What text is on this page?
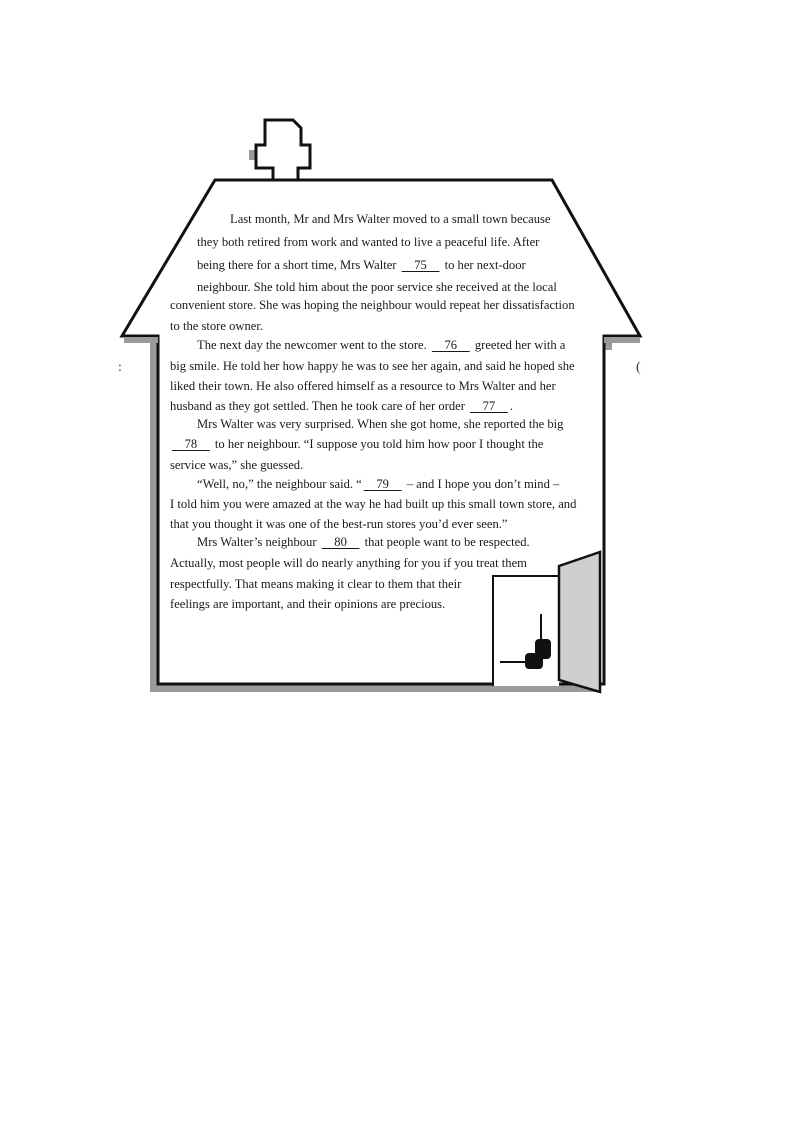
Last month, Mr and Mrs Walter moved to a small town because
they both retired from work and wanted to live a peaceful life. After
being there for a short time, Mrs Walter     75     to her next-door
neighbour. She told him about the poor service she received at the local
convenient store. She was hoping the neighbour would repeat her dissatisfaction
to the store owner.
The next day the newcomer went to the store.     76     greeted her with a
big smile. He told her how happy he was to see her again, and said he hoped she
liked their town. He also offered himself as a resource to Mrs Walter and her
husband as they got settled. Then he took care of her order     77    .
Mrs Walter was very surprised. When she got home, she reported the big
78     to her neighbour. “I suppose you told him how poor I thought the
service was,” she guessed.
“Well, no,” the neighbour said. “    79     – and I hope you don’t mind –
I told him you were amazed at the way he had built up this small town store, and
that you thought it was one of the best-run stores you’d ever seen.”
Mrs Walter’s neighbour     80     that people want to be respected.
Actually, most people will do nearly anything for you if you treat them
respectfully. That means making it clear to them that their
feelings are important, and their opinions are precious.
:	(
